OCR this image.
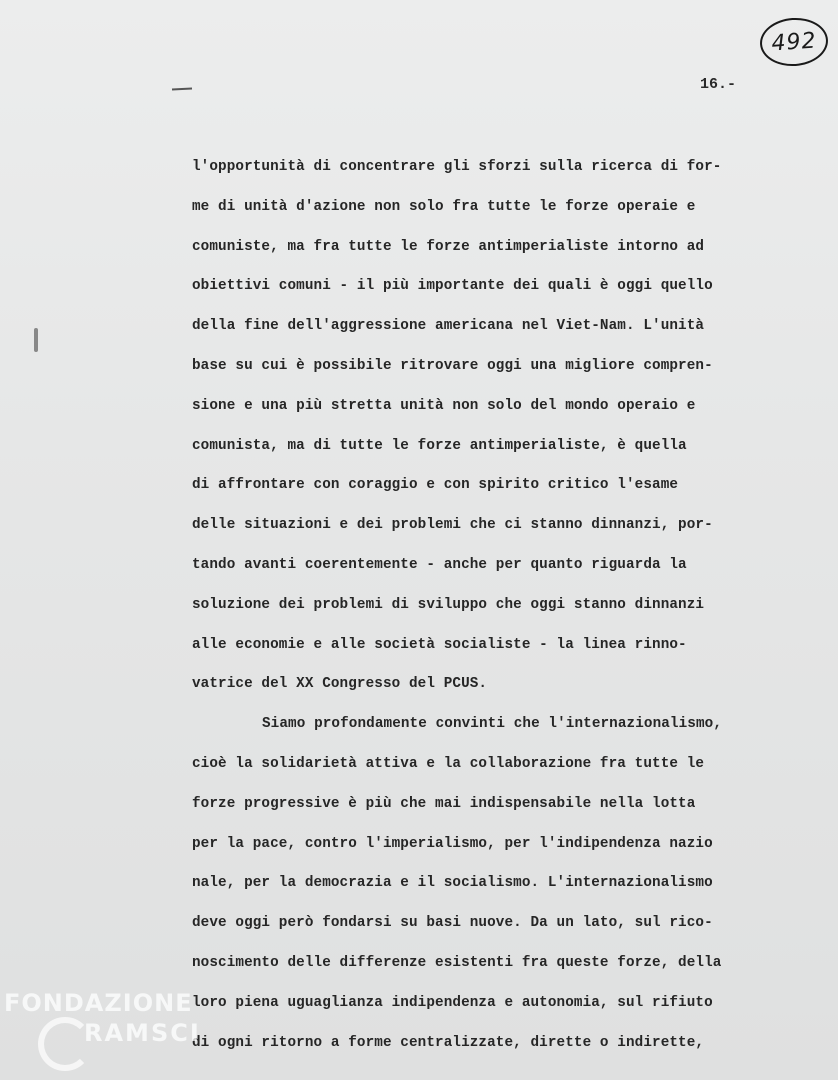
492
16.-
l'opportunità di concentrare gli sforzi sulla ricerca di for-
me di unità d'azione non solo fra tutte le forze operaie e
comuniste, ma fra tutte le forze antimperialiste intorno ad
obiettivi comuni - il più importante dei quali è oggi quello
della fine dell'aggressione americana nel Viet-Nam. L'unità
base su cui è possibile ritrovare oggi una migliore compren-
sione e una più stretta unità non solo del mondo operaio e
comunista, ma di tutte le forze antimperialiste, è quella
di affrontare con coraggio e con spirito critico l'esame
delle situazioni e dei problemi che ci stanno dinnanzi, por-
tando avanti coerentemente - anche per quanto riguarda la
soluzione dei problemi di sviluppo che oggi stanno dinnanzi
alle economie e alle società socialiste - la linea rinno-
vatrice del XX Congresso del PCUS.
Siamo profondamente convinti che l'internazionalismo,
cioè la solidarietà attiva e la collaborazione fra tutte le
forze progressive è più che mai indispensabile nella lotta
per la pace, contro l'imperialismo, per l'indipendenza nazio
nale, per la democrazia e il socialismo. L'internazionalismo
deve oggi però fondarsi su basi nuove. Da un lato, sul rico-
noscimento delle differenze esistenti fra queste forze, della
loro piena uguaglianza indipendenza e autonomia, sul rifiuto
di ogni ritorno a forme centralizzate, dirette o indirette,
FONDAZIONE
RAMSCI
